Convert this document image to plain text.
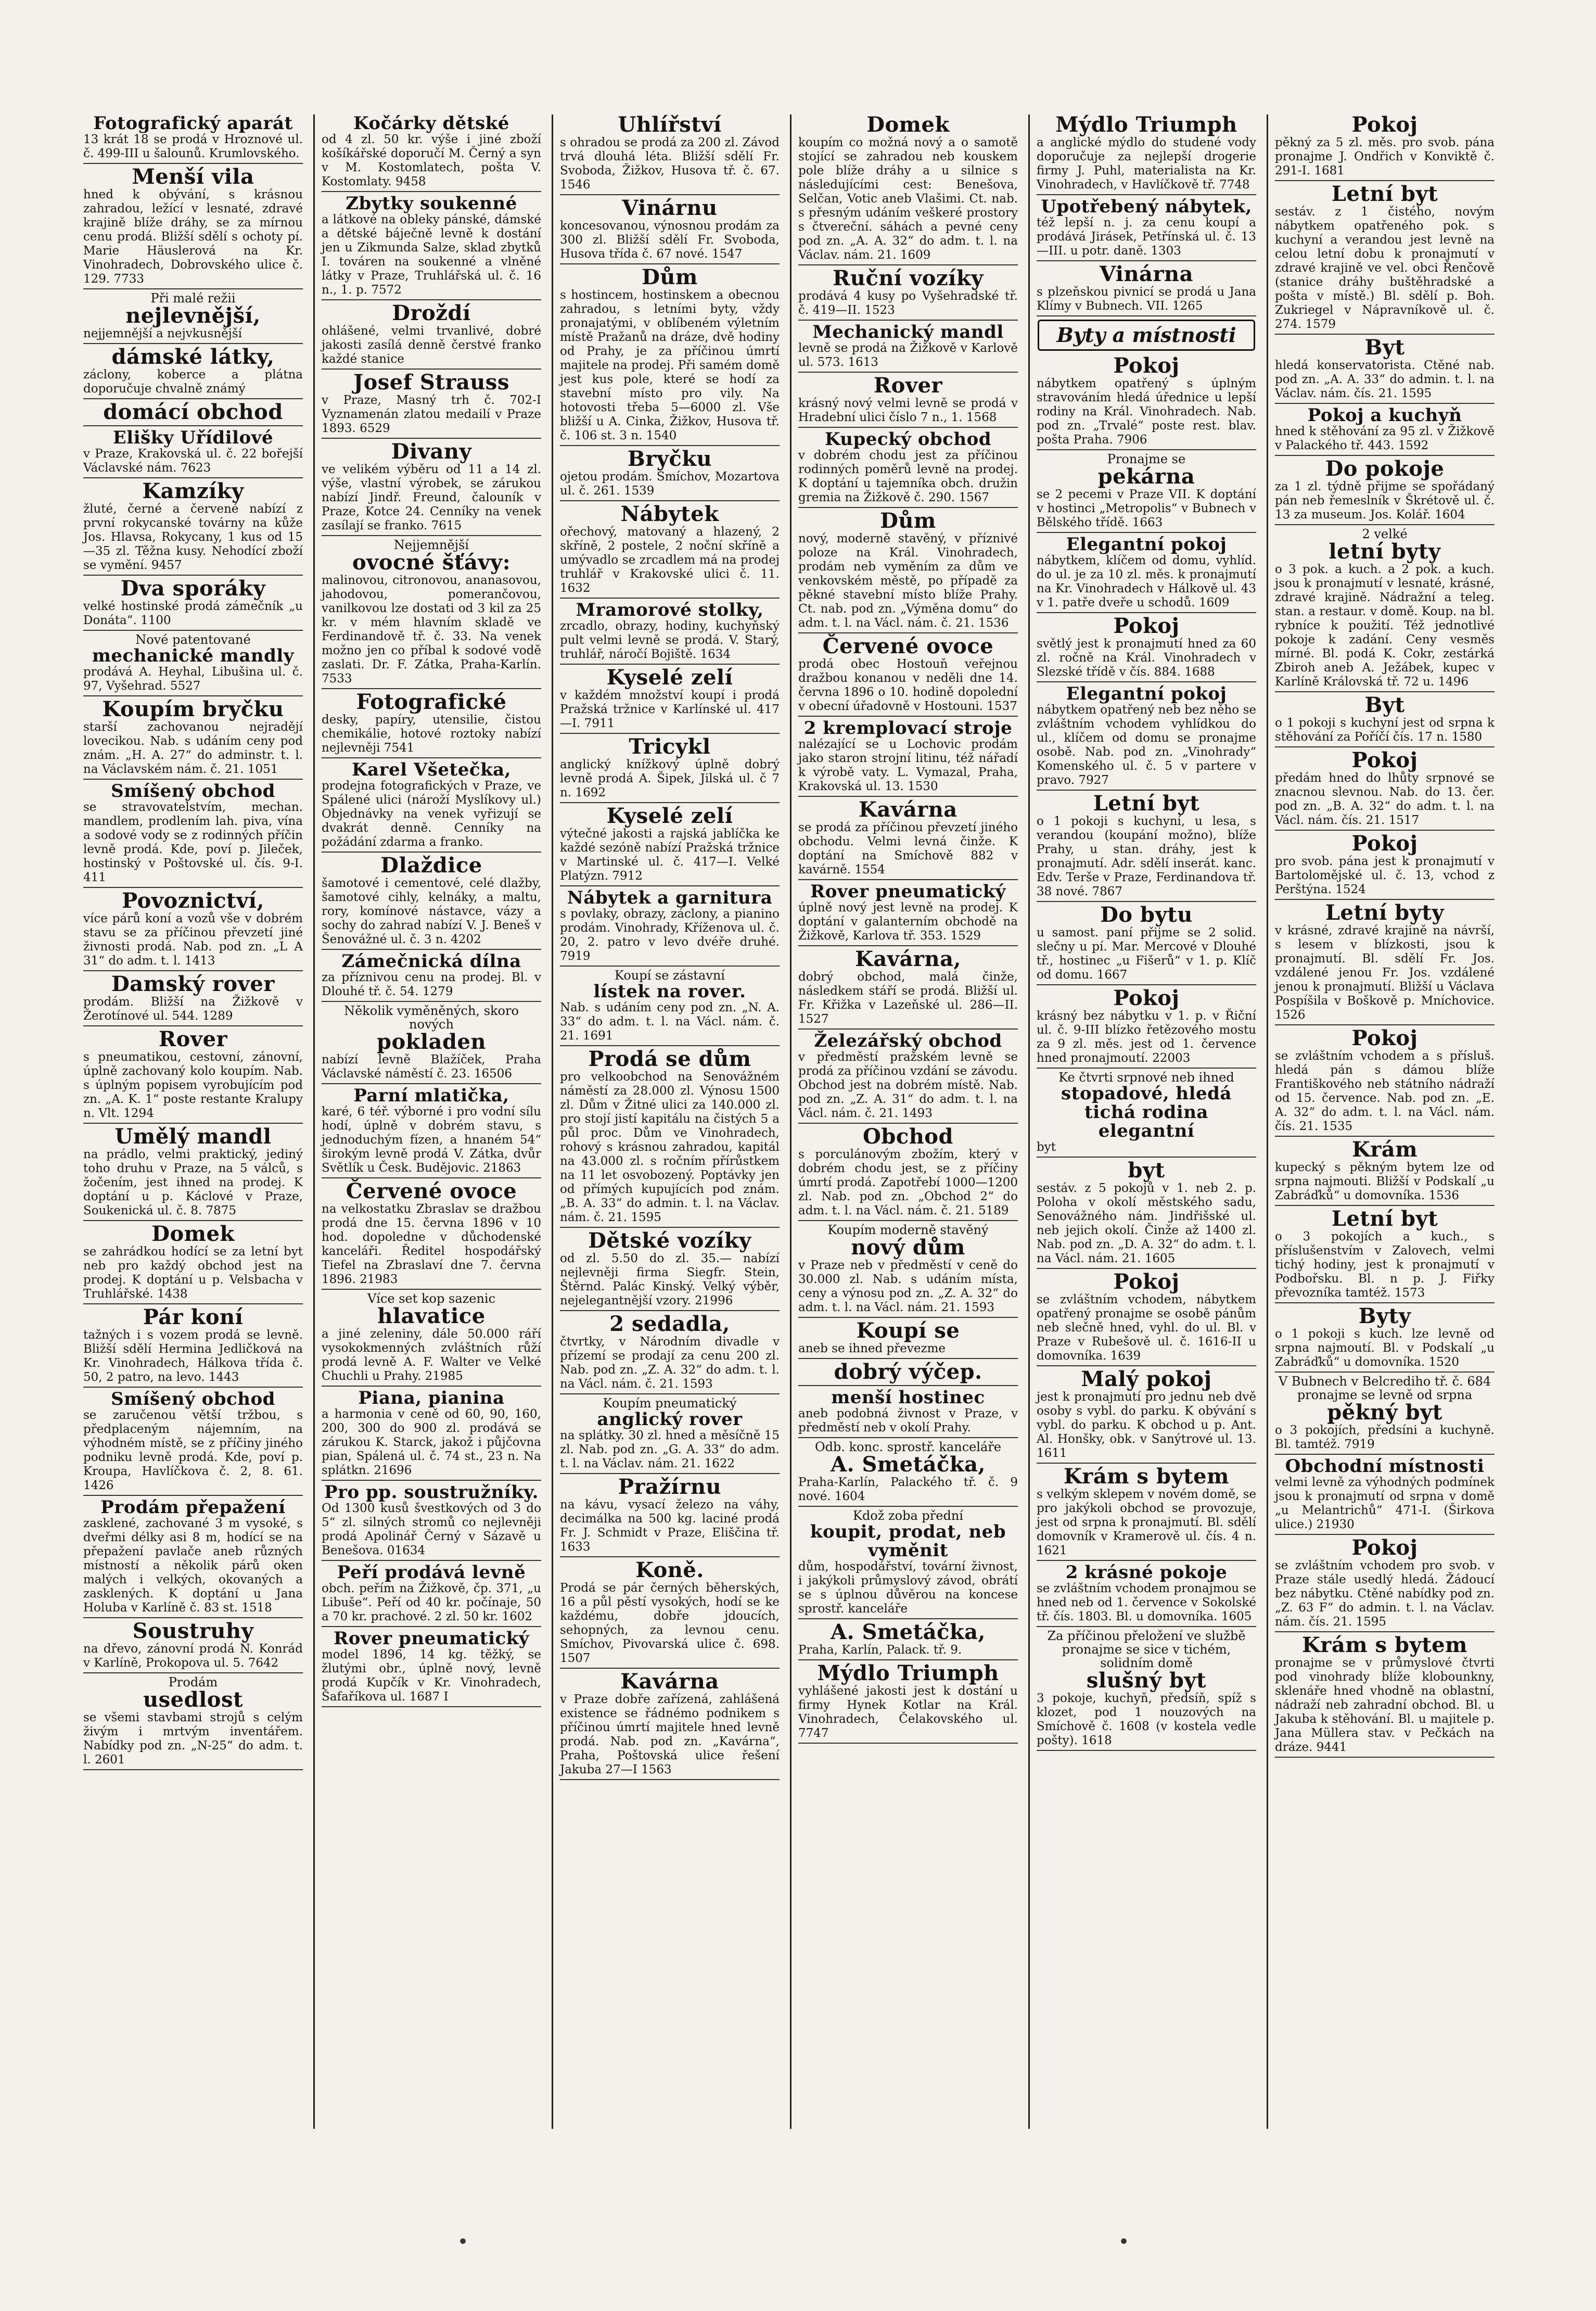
Fotografický aparát
13 krát 18 se prodá v Hroznové ul. č. 499-III u šalounů. Krumlovského.
Menší vila
hned k obývání, s krásnou zahradou, ležící v lesnaté, zdravé krajině blíže dráhy, se za mírnou cenu prodá. Bližší sdělí s ochoty pí. Marie Häuslerová na Kr. Vinohradech, Dobrovského ulice č. 129. 7733
Při malé režii
nejlevnější,
nejjemnější a nejvkusnější
dámské látky,
záclony, koberce a plátna doporučuje chvalně známý
domácí obchod
Elišky Uřídilové
v Praze, Krakovská ul. č. 22 bořejší Václavské nám. 7623
Kamzíky
žluté, černé a červené nabízí z první rokycanské továrny na kůže Jos. Hlavsa, Rokycany, 1 kus od 15—35 zl. Těžna kusy. Nehodící zboží se vymění. 9457
Dva sporáky
velké hostinské prodá zámečník „u Donáta“. 1100
Nové patentované
mechanické mandly
prodává A. Heyhal, Libušina ul. č. 97, Vyšehrad. 5527
Koupím bryčku
starší zachovanou nejradějí lovecikou. Nab. s udáním ceny pod znám. „H. A. 27“ do adminstr. t. l. na Václavském nám. č. 21. 1051
Smíšený obchod
se stravovatelstvím, mechan. mandlem, prodlením lah. piva, vína a sodové vody se z rodinných příčin levně prodá. Kde, poví p. Jileček, hostinský v Poštovské ul. čís. 9-I. 411
Povoznictví,
více párů koní a vozů vše v dobrém stavu se za příčinou převzetí jiné živnosti prodá. Nab. pod zn. „L A 31“ do adm. t. l. 1413
Damský rover
prodám. Bližší na Žižkově v Žerotínové ul. 544. 1289
Rover
s pneumatikou, cestovní, zánovní, úplně zachovaný kolo koupím. Nab. s úplným popisem vyrobujícím pod zn. „A. K. 1“ poste restante Kralupy n. Vlt. 1294
Umělý mandl
na prádlo, velmi praktický, jediný toho druhu v Praze, na 5 válců, s žočením, jest ihned na prodej. K doptání u p. Káclové v Praze, Soukenická ul. č. 8. 7875
Domek
se zahrádkou hodící se za letní byt neb pro každý obchod jest na prodej. K doptání u p. Velsbacha v Truhlářské. 1438
Pár koní
tažných i s vozem prodá se levně. Bližší sdělí Hermina Jedličková na Kr. Vinohradech, Hálkova třída č. 50, 2 patro, na levo. 1443
Smíšený obchod
se zaručenou větší tržbou, s předplaceným nájemním, na výhodném místě, se z příčiny jiného podniku levně prodá. Kde, poví p. Kroupa, Havlíčkova č. 2, 8. 61. 1426
Prodám přepažení
zasklené, zachované 3 m vysoké, s dveřmi délky asi 8 m, hodící se na přepažení pavlače aneb různých místností a několik párů oken malých i velkých, okovaných a zasklených. K doptání u Jana Holuba v Karlíně č. 83 st. 1518
Soustruhy
na dřevo, zánovní prodá N. Konrád v Karlíně, Prokopova ul. 5. 7642
Prodám
usedlost
se všemi stavbami strojů s celým živým i mrtvým inventářem. Nabídky pod zn. „N-25“ do adm. t. l. 2601
Kočárky dětské
od 4 zl. 50 kr. výše i jiné zboží košíkářské doporučí M. Černý a syn v M. Kostomlatech, pošta V. Kostomlaty. 9458
Zbytky soukenné
a látkové na obleky pánské, dámské a dětské báječně levně k dostání jen u Zikmunda Salze, sklad zbytků I. továren na soukenné a vlněné látky v Praze, Truhlářská ul. č. 16 n., 1. p. 7572
Droždí
ohlášené, velmi trvanlivé, dobré jakosti zasílá denně čerstvé franko každé stanice
Josef Strauss
v Praze, Masný trh č. 702-I Vyznamenán zlatou medailí v Praze 1893. 6529
Divany
ve velikém výběru od 11 a 14 zl. výše, vlastní výrobek, se zárukou nabízí Jindř. Freund, čalouník v Praze, Kotce 24. Cenníky na venek zasílají se franko. 7615
Nejjemnější
ovocné šťávy:
malinovou, citronovou, ananasovou, jahodovou, pomerančovou, vanilkovou lze dostati od 3 kil za 25 kr. v mém hlavním skladě ve Ferdinandově tř. č. 33. Na venek možno jen co příbal k sodové vodě zaslati. Dr. F. Zátka, Praha-Karlín. 7533
Fotografické
desky, papíry, utensilie, čistou chemikálie, hotové roztoky nabízí nejlevněji 7541
Karel Všetečka,
prodejna fotografických v Praze, ve Spálené ulici (nároží Myslíkovy ul.) Objednávky na venek vyřizují se dvakrát denně. Cenníky na požádání zdarma a franko.
Dlaždice
šamotové i cementové, celé dlažby, šamotové cihly, kelnáky, a maltu, rory, komínové nástavce, vázy a sochy do zahrad nabízí V. J. Beneš v Šenovážné ul. č. 3 n. 4202
Zámečnická dílna
za příznivou cenu na prodej. Bl. v Dlouhé tř. č. 54. 1279
Několik vyměněných, skoro nových
pokladen
nabízí levně Blažíček, Praha Václavské náměstí č. 23. 16506
Parní mlatička,
karé, 6 téř. výborné i pro vodní sílu hodí, úplně v dobrém stavu, s jednoduchým fízen, a hnaném 54“ širokým levně prodá V. Zátka, dvůr Světlík u Česk. Budějovic. 21863
Červené ovoce
na velkostatku Zbraslav se dražbou prodá dne 15. června 1896 v 10 hod. dopoledne v důchodenské kanceláři. Ředitel hospodářský Tiefel na Zbraslaví dne 7. června 1896. 21983
Více set kop sazenic
hlavatice
a jiné zeleniny, dále 50.000 ráří vysokokmenných zvláštních růží prodá levně A. F. Walter ve Velké Chuchli u Prahy. 21985
Piana, pianina
a harmonia v ceně od 60, 90, 160, 200, 300 do 900 zl. prodává se zárukou K. Starck, jakož i půjčovna pian, Spálená ul. č. 74 st., 23 n. Na splátkn. 21696
Pro pp. soustružníky.
Od 1300 kusů švestkových od 3 do 5“ zl. silných stromů co nejlevněji prodá Apolinář Černý v Sázavě u Benešova. 01634
Peří prodává levně
obch. peřím na Žižkově, čp. 371, „u Libuše“. Peří od 40 kr. počínaje, 50 a 70 kr. prachové. 2 zl. 50 kr. 1602
Rover pneumatický
model 1896, 14 kg. těžký, se žlutými obr., úplně nový, levně prodá Kupčík v Kr. Vinohradech, Šafaříkova ul. 1687 I
Uhlířství
s ohradou se prodá za 200 zl. Závod trvá dlouhá léta. Bližší sdělí Fr. Svoboda, Žižkov, Husova tř. č. 67. 1546
Vinárnu
koncesovanou, výnosnou prodám za 300 zl. Bližší sdělí Fr. Svoboda, Husova třída č. 67 nové. 1547
Dům
s hostincem, hostinskem a obecnou zahradou, s letními byty, vždy pronajatými, v oblíbeném výletním místě Pražanů na dráze, dvě hodiny od Prahy, je za příčinou úmrtí majitele na prodej. Při samém domě jest kus pole, které se hodí za stavební místo pro vily. Na hotovosti třeba 5—6000 zl. Vše bližší u A. Cinka, Žižkov, Husova tř. č. 106 st. 3 n. 1540
Bryčku
ojetou prodám. Smíchov, Mozartova ul. č. 261. 1539
Nábytek
ořechový, matovaný a hlazený, 2 skříně, 2 postele, 2 noční skříně a umývadlo se zrcadlem má na prodej truhlář v Krakovské ulici č. 11. 1632
Mramorové stolky,
zrcadlo, obrazy, hodiny, kuchyňský pult velmi levně se prodá. V. Starý, truhlář, náročí Bojiště. 1634
Kyselé zelí
v každém množství koupí i prodá Pražská tržnice v Karlínské ul. 417—I. 7911
Tricykl
anglický knížkový úplně dobrý levně prodá A. Šipek, Jilská ul. č 7 n. 1692
Kyselé zelí
výtečné jakosti a rajská jablíčka ke každé sezóně nabízí Pražská tržnice v Martinské ul. č. 417—I. Velké Platýzn. 7912
Nábytek a garnitura
s povlaky, obrazy, záclony, a pianino prodám. Vinohrady, Kříženova ul. č. 20, 2. patro v levo dvéře druhé. 7919
Koupí se zástavní
lístek na rover.
Nab. s udáním ceny pod zn. „N. A. 33“ do adm. t. l. na Václ. nám. č. 21. 1691
Prodá se dům
pro velkoobchod na Senovážném náměstí za 28.000 zl. Výnosu 1500 zl. Dům v Žitné ulici za 140.000 zl. pro stojí jistí kapitálu na čistých 5 a půl proc. Dům ve Vinohradech, rohový s krásnou zahradou, kapitál na 43.000 zl. s ročním přírůstkem na 11 let osvobozený. Poptávky jen od přímých kupujících pod znám. „B. A. 33“ do admin. t. l. na Václav. nám. č. 21. 1595
Dětské vozíky
od zl. 5.50 do zl. 35.— nabízí nejlevněji firma Siegfr. Stein, Štěrnd. Palác Kinský. Velký výběr, nejelegantnější vzory. 21996
2 sedadla,
čtvrtky, v Národním divadle v přízemí se prodají za cenu 200 zl. Nab. pod zn. „Z. A. 32“ do adm. t. l. na Václ. nám. č. 21. 1593
Koupím pneumatický
anglický rover
na splátky. 30 zl. hned a měsíčně 15 zl. Nab. pod zn. „G. A. 33“ do adm. t. l. na Václav. nám. 21. 1622
Pražírnu
na kávu, vysací železo na váhy, decimálka na 500 kg. laciné prodá Fr. J. Schmidt v Praze, Eliščina tř. 1633
Koně.
Prodá se pár černých běherských, 16 a půl pěstí vysokých, hodí se ke každému, dobře jdoucích, sehopných, za levnou cenu. Smíchov, Pivovarská ulice č. 698. 1507
Kavárna
v Praze dobře zařízená, zahlášená existence se řádnémo podnikem s příčinou úmrtí majitele hned levně prodá. Nab. pod zn. „Kavárna“, Praha, Poštovská ulice řešení Jakuba 27—I 1563
Domek
koupím co možná nový a o samotě stojící se zahradou neb kouskem pole blíže dráhy a u silnice s následujícími cest: Benešova, Selčan, Votic aneb Vlašimi. Ct. nab. s přesným udáním veškeré prostory s čtvereční. sáhách a pevné ceny pod zn. „A. A. 32“ do adm. t. l. na Václav. nám. 21. 1609
Ruční vozíky
prodává 4 kusy po Vyšehradské tř. č. 419—II. 1523
Mechanický mandl
levně se prodá na Žižkově v Karlově ul. 573. 1613
Rover
krásný nový velmi levně se prodá v Hradební ulici číslo 7 n., 1. 1568
Kupecký obchod
v dobrém chodu jest za příčinou rodinných poměrů levně na prodej. K doptání u tajemníka obch. družin gremia na Žižkově č. 290. 1567
Dům
nový, moderně stavěný, v příznivé poloze na Král. Vinohradech, prodám neb vyměním za dům ve venkovském městě, po případě za pěkné stavební místo blíže Prahy. Ct. nab. pod zn. „Výměna domu“ do adm. t. l. na Václ. nám. č. 21. 1536
Červené ovoce
prodá obec Hostouň veřejnou dražbou konanou v neděli dne 14. června 1896 o 10. hodině dopolední v obecní úřadovně v Hostouni. 1537
2 kremplovací stroje
nalézající se u Lochovic prodám jako staron strojní litinu, též nářadí k výrobě vaty. L. Vymazal, Praha, Krakovská ul. 13. 1530
Kavárna
se prodá za příčinou převzetí jiného obchodu. Velmi levná činže. K doptání na Smíchově 882 v kavárně. 1554
Rover pneumatický
úplně nový jest levně na prodej. K doptání v galanterním obchodě na Žižkově, Karlova tř. 353. 1529
Kavárna,
dobrý obchod, malá činže, následkem stáří se prodá. Bližší ul. Fr. Křižka v Lazeňské ul. 286—II. 1527
Železářský obchod
v předměstí pražském levně se prodá za příčinou vzdání se závodu. Obchod jest na dobrém místě. Nab. pod zn. „Z. A. 31“ do adm. t. l. na Václ. nám. č. 21. 1493
Obchod
s porculánovým zbožím, který v dobrém chodu jest, se z příčiny úmrtí prodá. Zapotřebí 1000—1200 zl. Nab. pod zn. „Obchod 2“ do adm. t. l. na Václ. nám. č. 21. 5189
Koupím moderně stavěný
nový dům
v Praze neb v předměstí v ceně do 30.000 zl. Nab. s udáním místa, ceny a výnosu pod zn. „Z. A. 32“ do adm. t. l. na Václ. nám. 21. 1593
Koupí se
aneb se ihned převezme
dobrý výčep.
menší hostinec
aneb podobná živnost v Praze, v předměstí neb v okolí Prahy.
Odb. konc. sprostř. kanceláře
A. Smetáčka,
Praha-Karlín, Palackého tř. č. 9 nové. 1604
Kdož zoba přední
koupit, prodat, neb vyměnit
dům, hospodářství, tovární živnost, i jakýkoli průmyslový závod, obrátí se s úplnou důvěrou na koncese sprostř. kanceláře
A. Smetáčka,
Praha, Karlín, Palack. tř. 9.
Mýdlo Triumph
vyhlášené jakosti jest k dostání u firmy Hynek Kotlar na Král. Vinohradech, Čelakovského ul. 7747
Mýdlo Triumph
a anglické mýdlo do studené vody doporučuje za nejlepší drogerie firmy J. Puhl, materialista na Kr. Vinohradech, v Havlíčkově tř. 7748
Upotřebený nábytek,
též lepší n. j. za cenu koupí a prodává Jirásek, Petřínská ul. č. 13—III. u potr. daně. 1303
Vinárna
s plzeňskou pivnicí se prodá u Jana Klímy v Bubnech. VII. 1265
Byty a místnosti
Pokoj
nábytkem opatřený s úplným stravováním hledá úřednice u lepší rodiny na Král. Vinohradech. Nab. pod zn. „Trvalé“ poste rest. blav. pošta Praha. 7906
Pronajme se
pekárna
se 2 pecemi v Praze VII. K doptání v hostinci „Metropolis“ v Bubnech v Bělského třídě. 1663
Elegantní pokoj
nábytkem, klíčem od domu, vyhlíd. do ul. je za 10 zl. měs. k pronajmutí na Kr. Vinohradech v Hálkově ul. 43 v 1. patře dveře u schodů. 1609
Pokoj
světlý jest k pronajmutí hned za 60 zl. ročně na Král. Vinohradech v Slezské třídě v čís. 884. 1688
Elegantní pokoj
nábytkem opatřený neb bez něho se zvláštním vchodem vyhlídkou do ul., klíčem od domu se pronajme osobě. Nab. pod zn. „Vinohrady“ Komenského ul. č. 5 v partere v pravo. 7927
Letní byt
o 1 pokoji s kuchyní, u lesa, s verandou (koupání možno), blíže Prahy, u stan. dráhy, jest k pronajmutí. Adr. sdělí inserát. kanc. Edv. Terše v Praze, Ferdinandova tř. 38 nové. 7867
Do bytu
u samost. paní přijme se 2 solid. slečny u pí. Mar. Mercové v Dlouhé tř., hostinec „u Fišerů“ v 1. p. Klíč od domu. 1667
Pokoj
krásný bez nábytku v 1. p. v Řiční ul. č. 9-III blízko řetězového mostu za 9 zl. měs. jest od 1. července hned pronajmoutí. 22003
Ke čtvrti srpnové neb ihned
stopadové, hledá tichá rodina elegantní
byt
byt
sestáv. z 5 pokojů v 1. neb 2. p. Poloha v okolí městského sadu, Senovážného nám. Jindřišské ul. neb jejich okolí. Činže až 1400 zl. Nab. pod zn. „D. A. 32“ do adm. t. l. na Václ. nám. 21. 1605
Pokoj
se zvláštním vchodem, nábytkem opatřený pronajme se osobě pánům neb slečně hned, vyhl. do ul. Bl. v Praze v Rubešově ul. č. 1616-II u domovníka. 1639
Malý pokoj
jest k pronajmutí pro jednu neb dvě osoby s vybl. do parku. K obývání s vybl. do parku. K obchod u p. Ant. Al. Honšky, obk. v Sanýtrové ul. 13. 1611
Krám s bytem
s velkým sklepem v novém domě, se pro jakýkoli obchod se provozuje, jest od srpna k pronajmutí. Bl. sdělí domovník v Kramerově ul. čís. 4 n. 1621
2 krásné pokoje
se zvláštním vchodem pronajmou se hned neb od 1. července v Sokolské tř. čís. 1803. Bl. u domovníka. 1605
Za příčinou přeložení ve službě pronajme se sice v tichém, solidním domě
slušný byt
3 pokoje, kuchyň, předsíň, spíž s klozet, pod 1 nouzových na Smíchově č. 1608 (v kostela vedle pošty). 1618
Pokoj
pěkný za 5 zl. měs. pro svob. pána pronajme J. Ondřich v Konviktě č. 291-I. 1681
Letní byt
sestáv. z 1 čistého, novým nábytkem opatřeného pok. s kuchyní a verandou jest levně na celou letní dobu k pronajmutí v zdravé krajině ve vel. obci Řenčově (stanice dráhy buštěhradské a pošta v místě.) Bl. sdělí p. Boh. Zukriegel v Nápravníkově ul. č. 274. 1579
Byt
hledá konservatorista. Ctěné nab. pod zn. „A. A. 33“ do admin. t. l. na Václav. nám. čís. 21. 1595
Pokoj a kuchyň
hned k stěhování za 95 zl. v Žižkově v Palackého tř. 443. 1592
Do pokoje
za 1 zl. týdně přijme se spořádaný pán neb řemeslník v Škrétově ul. č. 13 za museum. Jos. Kolář. 1604
2 velké
letní byty
o 3 pok. a kuch. a 2 pok. a kuch. jsou k pronajmutí v lesnaté, krásné, zdravé krajině. Nádražní a teleg. stan. a restaur. v domě. Koup. na bl. rybníce k použití. Též jednotlivé pokoje k zadání. Ceny vesměs mírné. Bl. podá K. Cokr, zestárká Zbiroh aneb A. Ježábek, kupec v Karlíně Královská tř. 72 u. 1496
Byt
o 1 pokoji s kuchyní jest od srpna k stěhování za Poříčí čís. 17 n. 1580
Pokoj
předám hned do lhůty srpnové se znacnou slevnou. Nab. do 13. čer. pod zn. „B. A. 32“ do adm. t. l. na Václ. nám. čís. 21. 1517
Pokoj
pro svob. pána jest k pronajmutí v Bartolomějské ul. č. 13, vchod z Perštýna. 1524
Letní byty
v krásné, zdravé krajině na návrší, s lesem v blízkosti, jsou k pronajmutí. Bl. sdělí Fr. Jos. vzdálené jenou Fr. Jos. vzdálené jenou k pronajmutí. Bližší u Václava Pospíšila v Boškově p. Mníchovice. 1526
Pokoj
se zvláštním vchodem a s přísluš. hledá pán s dámou blíže Františkového neb státního nádraží od 15. července. Nab. pod zn. „E. A. 32“ do adm. t. l. na Václ. nám. čís. 21. 1535
Krám
kupecký s pěkným bytem lze od srpna najmouti. Bližší v Podskalí „u Zabráďků“ u domovníka. 1536
Letní byt
o 3 pokojích a kuch., s příslušenstvím v Zalovech, velmi tichý hodiny, jest k pronajmutí v Podbořsku. Bl. n p. J. Fiřky převozníka tamtéž. 1573
Byty
o 1 pokoji s kuch. lze levně od srpna najmoutí. Bl. v Podskalí „u Zabráďků“ u domovníka. 1520
V Bubnech v Belcrediho tř. č. 684 pronajme se levně od srpna
pěkný byt
o 3 pokojích, předsíni a kuchyně. Bl. tamtéž. 7919
Obchodní místnosti
velmi levně za výhodných podmínek jsou k pronajmutí od srpna v domě „u Melantrichů“ 471-I. (Širkova ulice.) 21930
Pokoj
se zvláštním vchodem pro svob. v Praze stále usedlý hledá. Žádoucí bez nábytku. Ctěné nabídky pod zn. „Z. 63 F“ do admin. t. l. na Václav. nám. čís. 21. 1595
Krám s bytem
pronajme se v průmyslové čtvrti pod vinohrady blíže klobounkny, sklenáře hned vhodně na oblastní, nádraží neb zahradní obchod. Bl. u Jakuba k stěhování. Bl. u majitele p. Jana Müllera stav. v Pečkách na dráze. 9441
•	•
